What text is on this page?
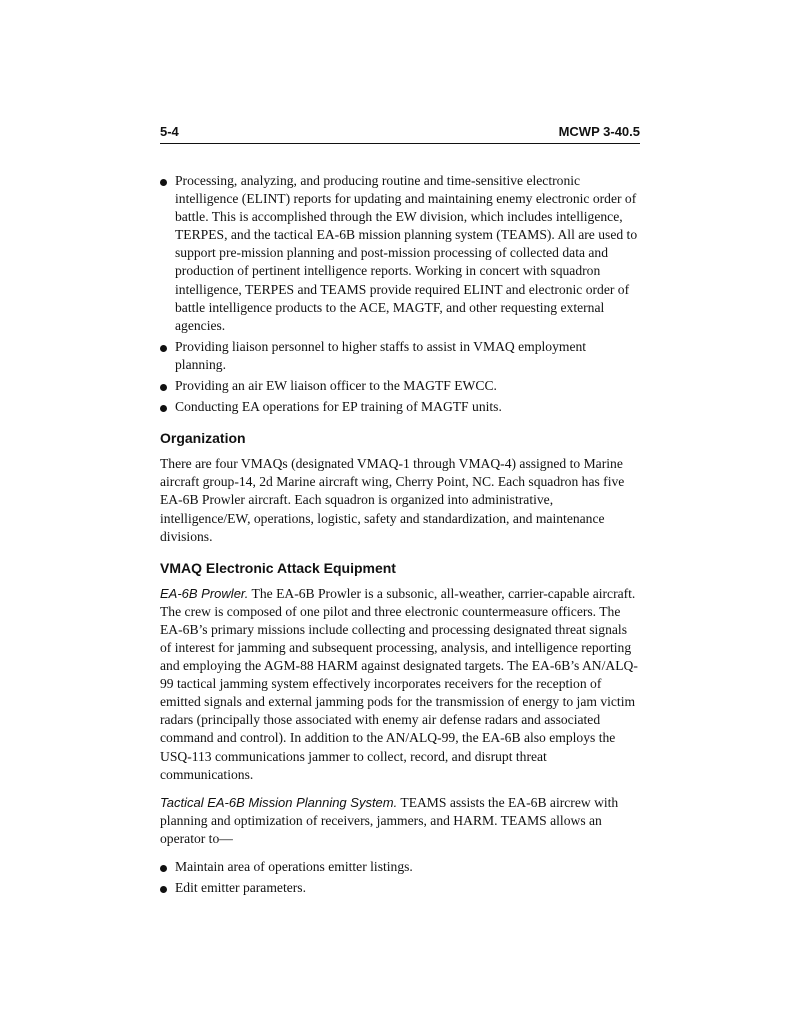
5-4	MCWP 3-40.5
Processing, analyzing, and producing routine and time-sensitive electronic intelligence (ELINT) reports for updating and maintaining enemy electronic order of battle. This is accomplished through the EW division, which includes intelligence, TERPES, and the tactical EA-6B mission planning system (TEAMS). All are used to support pre-mission planning and post-mission processing of collected data and production of pertinent intelligence reports. Working in concert with squadron intelligence, TERPES and TEAMS provide required ELINT and electronic order of battle intelligence products to the ACE, MAGTF, and other requesting external agencies.
Providing liaison personnel to higher staffs to assist in VMAQ employment planning.
Providing an air EW liaison officer to the MAGTF EWCC.
Conducting EA operations for EP training of MAGTF units.
Organization

There are four VMAQs (designated VMAQ-1 through VMAQ-4) assigned to Marine aircraft group-14, 2d Marine aircraft wing, Cherry Point, NC. Each squadron has five EA-6B Prowler aircraft. Each squadron is organized into administrative, intelligence/EW, operations, logistic, safety and standardization, and maintenance divisions.

VMAQ Electronic Attack Equipment

EA-6B Prowler. The EA-6B Prowler is a subsonic, all-weather, carrier-capable aircraft. The crew is composed of one pilot and three electronic countermeasure officers. The EA-6B’s primary missions include collecting and processing designated threat signals of interest for jamming and subsequent processing, analysis, and intelligence reporting and employing the AGM-88 HARM against designated targets. The EA-6B’s AN/ALQ-99 tactical jamming system effectively incorporates receivers for the reception of emitted signals and external jamming pods for the transmission of energy to jam victim radars (principally those associated with enemy air defense radars and associated command and control). In addition to the AN/ALQ-99, the EA-6B also employs the USQ-113 communications jammer to collect, record, and disrupt threat communications.

Tactical EA-6B Mission Planning System. TEAMS assists the EA-6B aircrew with planning and optimization of receivers, jammers, and HARM. TEAMS allows an operator to—

Maintain area of operations emitter listings.
Edit emitter parameters.
